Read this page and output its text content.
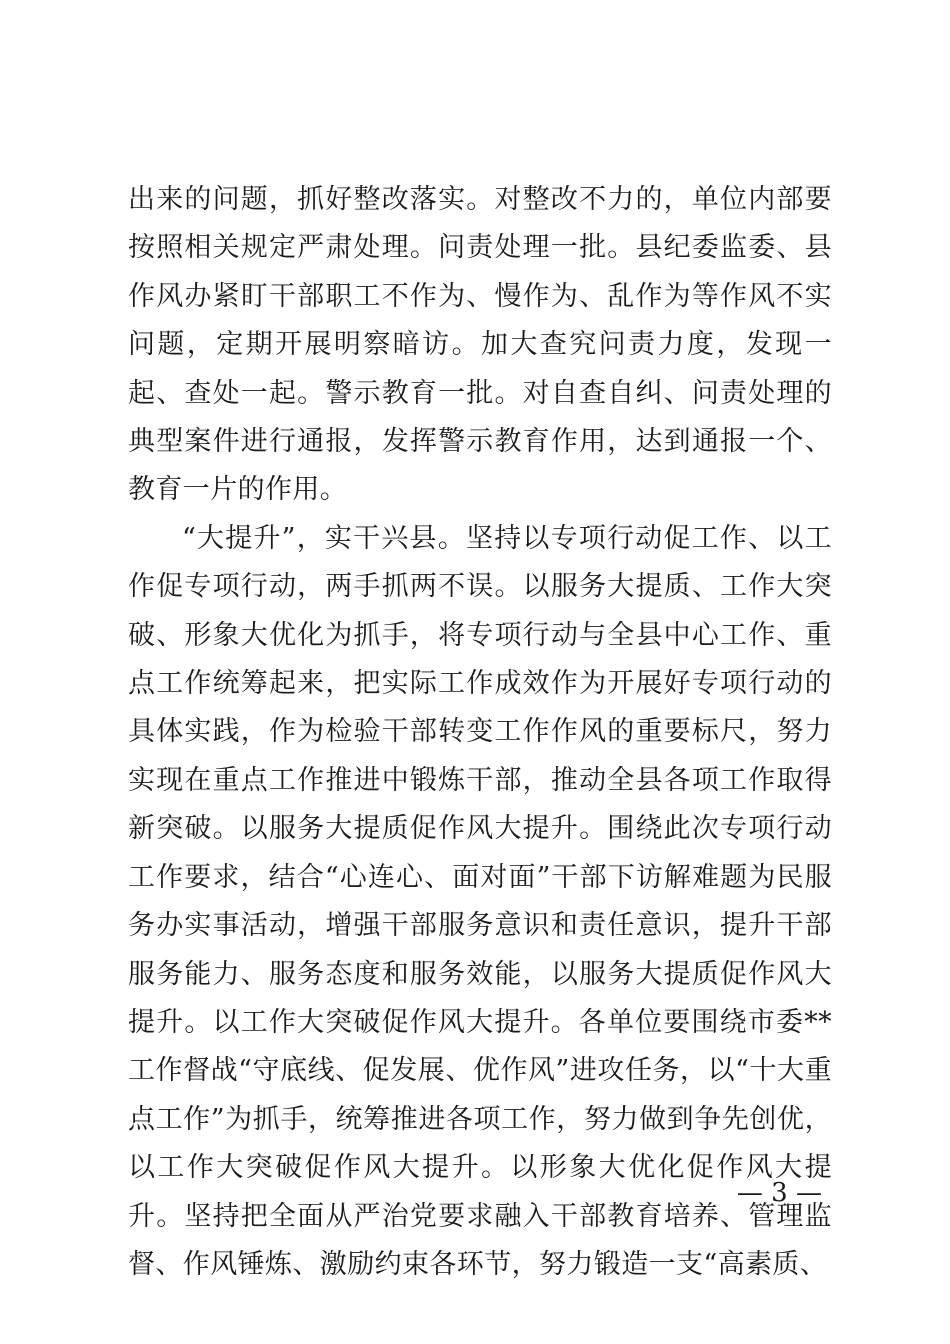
出来的问题，抓好整改落实。对整改不力的，单位内部要按照相关规定严肃处理。问责处理一批。县纪委监委、县作风办紧盯干部职工不作为、慢作为、乱作为等作风不实问题，定期开展明察暗访。加大查究问责力度，发现一起、查处一起。警示教育一批。对自查自纠、问责处理的典型案件进行通报，发挥警示教育作用，达到通报一个、教育一片的作用。

“大提升”，实干兴县。坚持以专项行动促工作、以工作促专项行动，两手抓两不误。以服务大提质、工作大突破、形象大优化为抓手，将专项行动与全县中心工作、重点工作统筹起来，把实际工作成效作为开展好专项行动的具体实践，作为检验干部转变工作作风的重要标尺，努力实现在重点工作推进中锻炼干部，推动全县各项工作取得新突破。以服务大提质促作风大提升。围绕此次专项行动工作要求，结合“心连心、面对面”干部下访解难题为民服务办实事活动，增强干部服务意识和责任意识，提升干部服务能力、服务态度和服务效能，以服务大提质促作风大提升。以工作大突破促作风大提升。各单位要围绕市委**工作督战“守底线、促发展、优作风”进攻任务，以“十大重点工作”为抓手，统筹推进各项工作，努力做到争先创优，以工作大突破促作风大提升。以形象大优化促作风大提升。坚持把全面从严治党要求融入干部教育培养、管理监督、作风锤炼、激励约束各环节，努力锻造一支“高素质、

— 3 —
